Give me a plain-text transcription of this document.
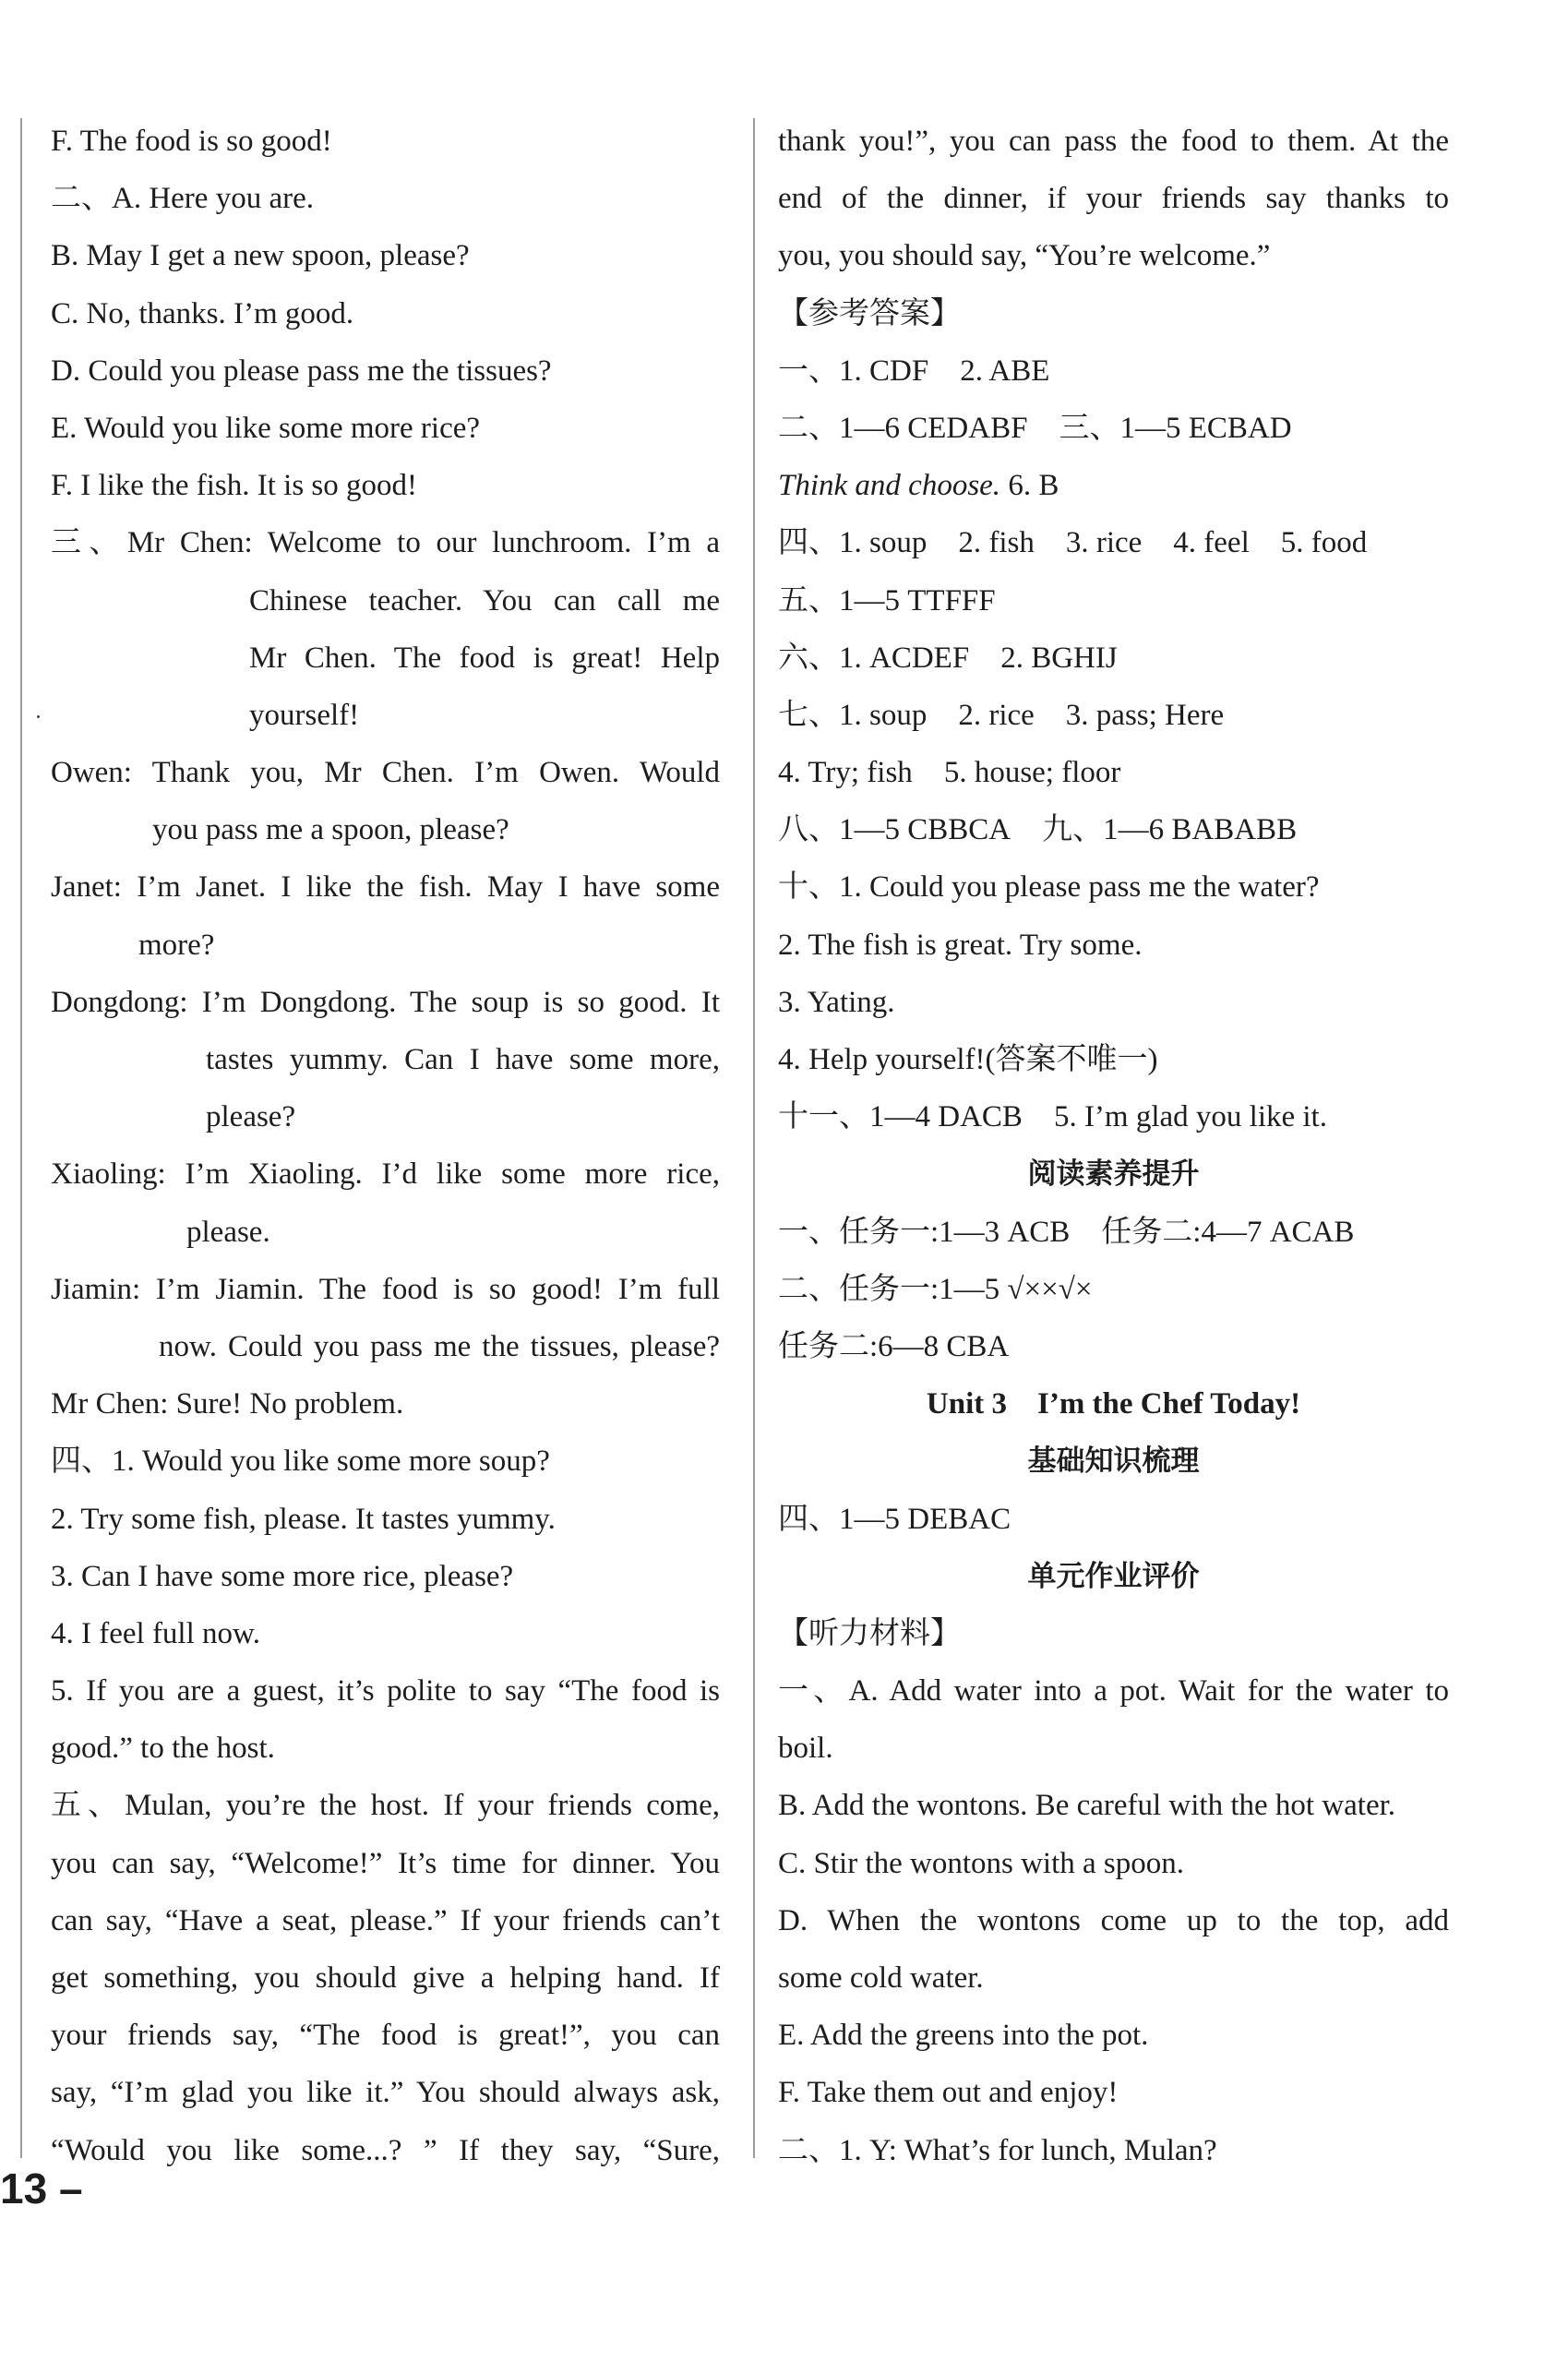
F. The food is so good!
二、A. Here you are.
B. May I get a new spoon, please?
C. No, thanks. I’m good.
D. Could you please pass me the tissues?
E. Would you like some more rice?
F. I like the fish. It is so good!
三、Mr Chen: Welcome to our lunchroom. I’m a
Chinese teacher. You can call me
Mr Chen. The food is great! Help
yourself!
Owen: Thank you, Mr Chen. I’m Owen. Would
you pass me a spoon, please?
Janet: I’m Janet. I like the fish. May I have some
more?
Dongdong: I’m Dongdong. The soup is so good. It
tastes yummy. Can I have some more,
please?
Xiaoling: I’m Xiaoling. I’d like some more rice,
please.
Jiamin: I’m Jiamin. The food is so good! I’m full
now. Could you pass me the tissues, please?
Mr Chen: Sure! No problem.
四、1. Would you like some more soup?
2. Try some fish, please. It tastes yummy.
3. Can I have some more rice, please?
4. I feel full now.
5. If you are a guest, it’s polite to say “The food is
good.” to the host.
五、Mulan, you’re the host. If your friends come,
you can say, “Welcome!” It’s time for dinner. You
can say, “Have a seat, please.” If your friends can’t
get something, you should give a helping hand. If
your friends say, “The food is great!”, you can
say, “I’m glad you like it.” You should always ask,
“Would you like some...? ” If they say, “Sure,
thank you!”, you can pass the food to them. At the
end of the dinner, if your friends say thanks to
you, you should say, “You’re welcome.”
【参考答案】
一、1. CDF 2. ABE
二、1—6 CEDABF 三、1—5 ECBAD
Think and choose. 6. B
四、1. soup 2. fish 3. rice 4. feel 5. food
五、1—5 TTFFF
六、1. ACDEF 2. BGHIJ
七、1. soup 2. rice 3. pass; Here
4. Try; fish 5. house; floor
八、1—5 CBBCA 九、1—6 BABABB
十、1. Could you please pass me the water?
2. The fish is great. Try some.
3. Yating.
4. Help yourself!(答案不唯一)
十一、1—4 DACB 5. I’m glad you like it.
阅读素养提升
一、任务一:1—3 ACB 任务二:4—7 ACAB
二、任务一:1—5 √××√×
任务二:6—8 CBA
Unit 3    I’m the Chef Today!
基础知识梳理
四、1—5 DEBAC
单元作业评价
【听力材料】
一、A. Add water into a pot. Wait for the water to
boil.
B. Add the wontons. Be careful with the hot water.
C. Stir the wontons with a spoon.
D. When the wontons come up to the top, add
some cold water.
E. Add the greens into the pot.
F. Take them out and enjoy!
二、1. Y: What’s for lunch, Mulan?
13 –
